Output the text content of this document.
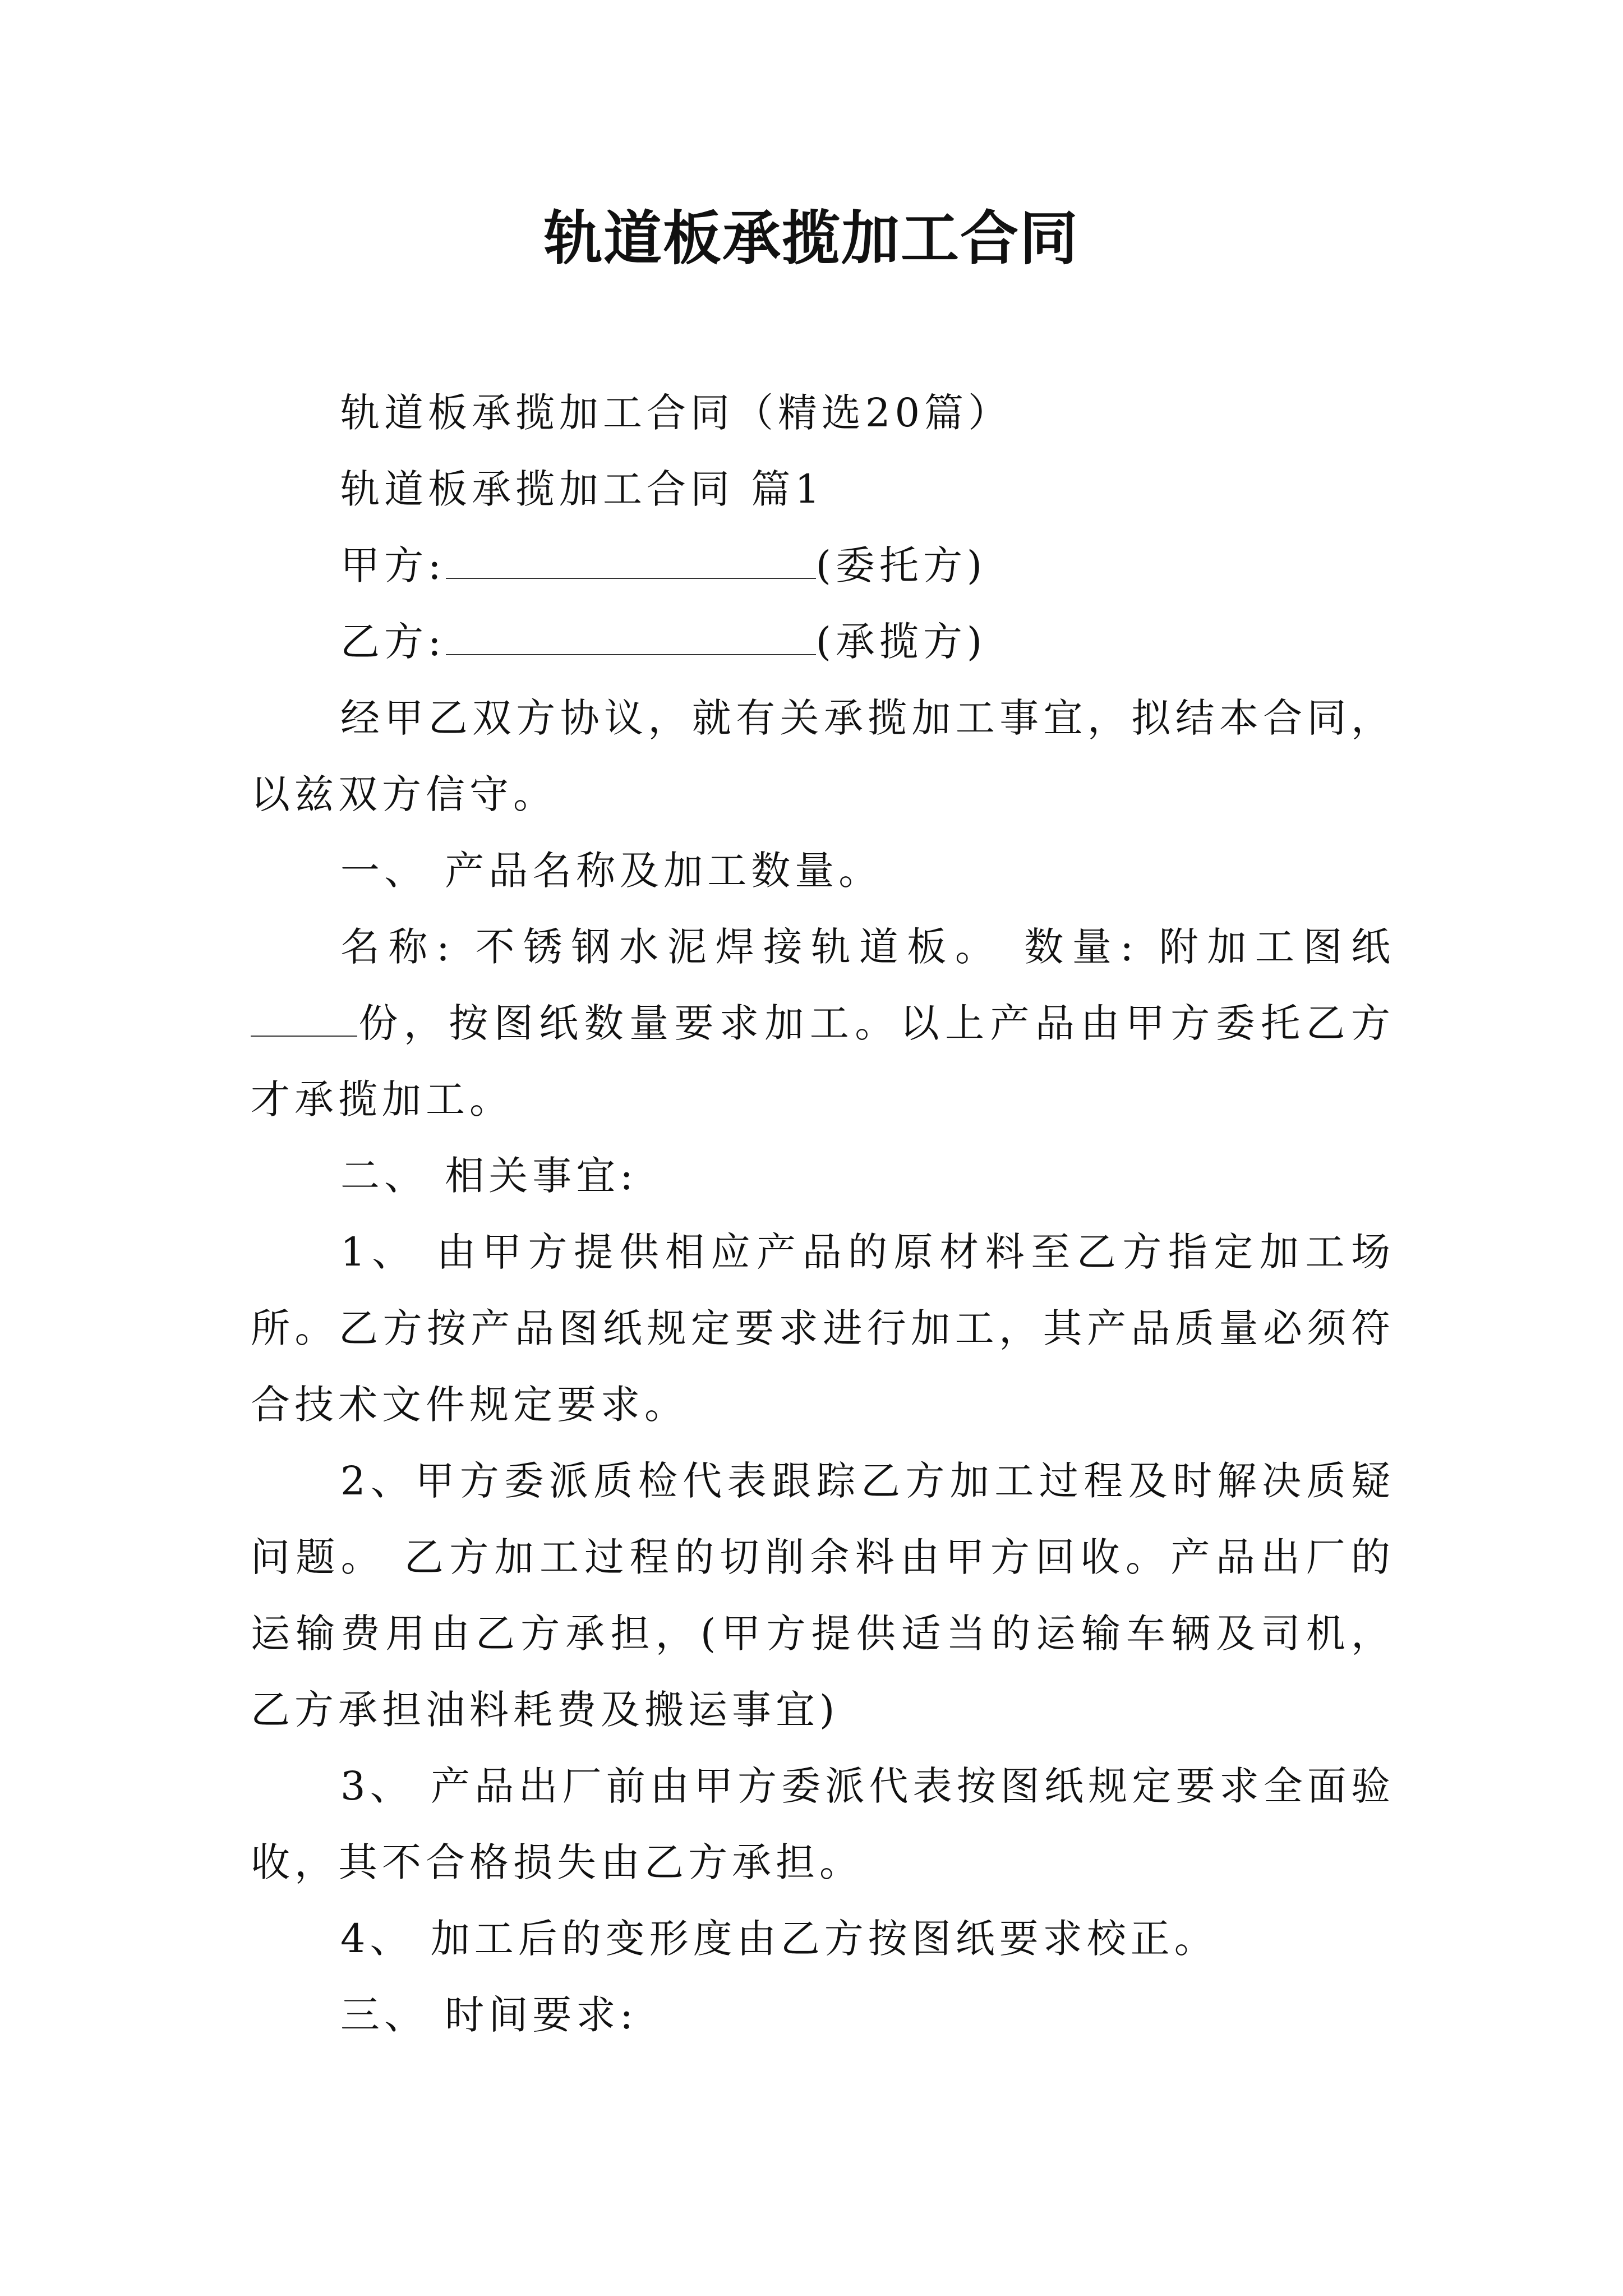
轨道板承揽加工合同

轨道板承揽加工合同（精选20篇）

轨道板承揽加工合同 篇1

甲方:	(委托方)

乙方:	(承揽方)

经甲乙双方协议，就有关承揽加工事宜，拟结本合同，以兹双方信守。

一、 产品名称及加工数量。

名称: 不锈钢水泥焊接轨道板。 数量: 附加工图纸份，按图纸数量要求加工。以上产品由甲方委托乙方才承揽加工。

二、 相关事宜:

1、 由甲方提供相应产品的原材料至乙方指定加工场所。乙方按产品图纸规定要求进行加工，其产品质量必须符合技术文件规定要求。

2、甲方委派质检代表跟踪乙方加工过程及时解决质疑问题。 乙方加工过程的切削余料由甲方回收。产品出厂的运输费用由乙方承担，(甲方提供适当的运输车辆及司机，乙方承担油料耗费及搬运事宜)

3、 产品出厂前由甲方委派代表按图纸规定要求全面验收，其不合格损失由乙方承担。

4、 加工后的变形度由乙方按图纸要求校正。

三、 时间要求:
